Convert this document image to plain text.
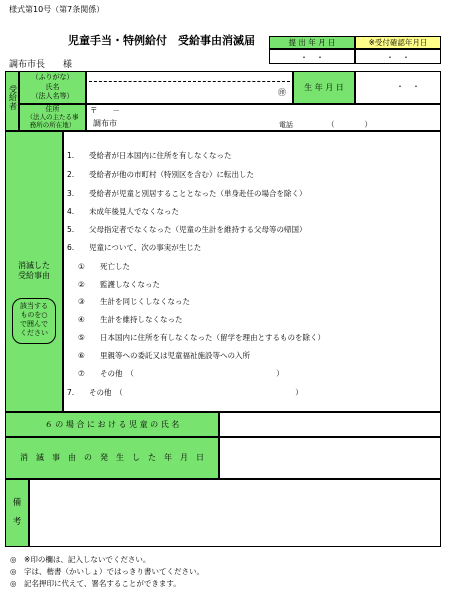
様式第10号（第7条関係）
児童手当・特例給付　受給事由消滅届	提 出 年 月 日	※受付確認年月日
・　・	・　・
調布市長　　様
受給者
（ふりがな）
氏名
（法人名等）	㊞
生 年 月 日	・　・
住所
（法人の主たる事
務所の所在地）
〒　　－
調布市	電話	（　　　　）
消滅した
受給事由
該当する
ものを○
で囲んで
ください
1. 受給者が日本国内に住所を有しなくなった
2. 受給者が他の市町村（特別区を含む）に転出した
3. 受給者が児童と別居することとなった（単身赴任の場合を除く）
4. 未成年後見人でなくなった
5. 父母指定者でなくなった（児童の生計を維持する父母等の帰国）
6. 児童について、次の事実が生じた
① 死亡した
② 監護しなくなった
③ 生計を同じくしなくなった
④ 生計を維持しなくなった
⑤ 日本国内に住所を有しなくなった（留学を理由とするものを除く）
⑥ 里親等への委託又は児童福祉施設等への入所
⑦ その他　（　　　　　　　　　　　　　　　　　　　）
7. その他　（　　　　　　　　　　　　　　　　　　　　　　　）
６ の 場 合 に お け る 児 童 の 氏 名
消　滅　事　由　の　発　生　し　た　年　月　日
備考
◎　※印の欄は、記入しないでください。
◎　字は、楷書（かいしょ）ではっきり書いてください。
◎　記名押印に代えて、署名することができます。
